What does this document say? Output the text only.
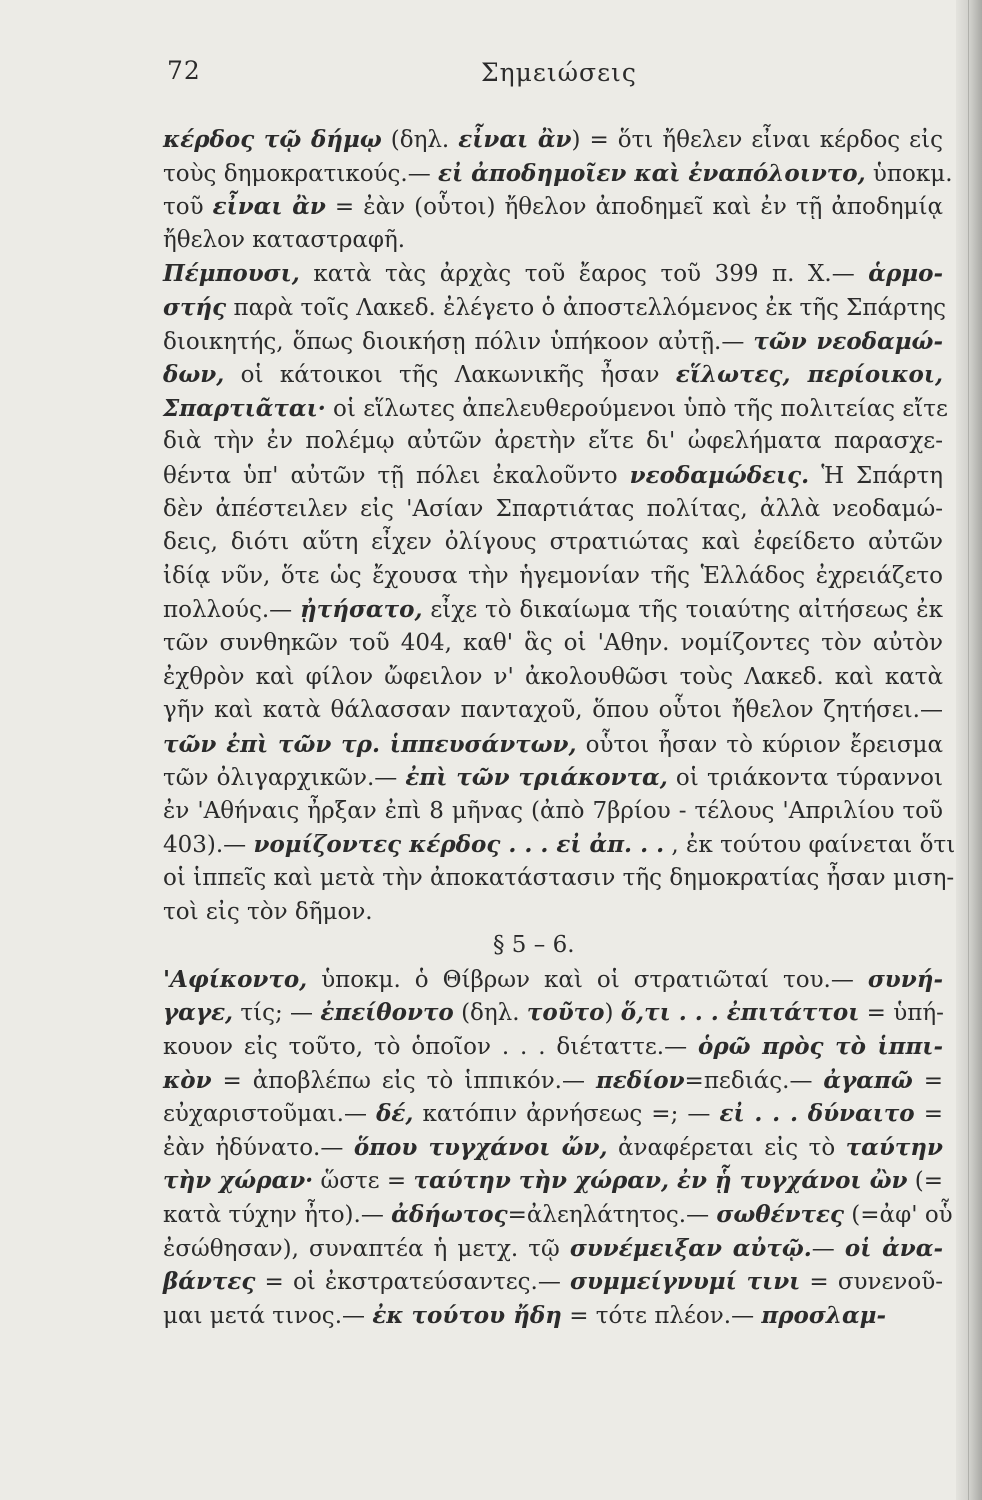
72	Σημειώσεις
κέρδος τῷ δήμῳ (δηλ. εἶναι ἂν) = ὅτι ἤθελεν εἶναι κέρδος εἰς
τοὺς δημοκρατικούς.— εἰ ἀποδημοῖεν καὶ ἐναπόλοιντο, ὑποκμ.
τοῦ εἶναι ἂν = ἐὰν (οὗτοι) ἤθελον ἀποδημεῖ καὶ ἐν τῇ ἀποδημίᾳ
ἤθελον καταστραφῆ.
Πέμπουσι, κατὰ τὰς ἀρχὰς τοῦ ἔαρος τοῦ 399 π. Χ.— ἁρμο-
στής παρὰ τοῖς Λακεδ. ἐλέγετο ὁ ἀποστελλόμενος ἐκ τῆς Σπάρτης
διοικητής, ὅπως διοικήσῃ πόλιν ὑπήκοον αὐτῇ.— τῶν νεοδαμώ-
δων, οἱ κάτοικοι τῆς Λακωνικῆς ἦσαν εἵλωτες, περίοικοι,
Σπαρτιᾶται· οἱ εἵλωτες ἀπελευθερούμενοι ὑπὸ τῆς πολιτείας εἴτε
διὰ τὴν ἐν πολέμῳ αὐτῶν ἀρετὴν εἴτε δι' ὠφελήματα παρασχε-
θέντα ὑπ' αὐτῶν τῇ πόλει ἐκαλοῦντο νεοδαμώδεις. Ἡ Σπάρτη
δὲν ἀπέστειλεν εἰς 'Ασίαν Σπαρτιάτας πολίτας, ἀλλὰ νεοδαμώ-
δεις, διότι αὕτη εἶχεν ὀλίγους στρατιώτας καὶ ἐφείδετο αὐτῶν
ἰδίᾳ νῦν, ὅτε ὡς ἔχουσα τὴν ἡγεμονίαν τῆς Ἑλλάδος ἐχρειάζετο
πολλούς.— ᾐτήσατο, εἶχε τὸ δικαίωμα τῆς τοιαύτης αἰτήσεως ἐκ
τῶν συνθηκῶν τοῦ 404, καθ' ἃς οἱ 'Αθην. νομίζοντες τὸν αὐτὸν
ἐχθρὸν καὶ φίλον ὤφειλον ν' ἀκολουθῶσι τοὺς Λακεδ. καὶ κατὰ
γῆν καὶ κατὰ θάλασσαν πανταχοῦ, ὅπου οὗτοι ἤθελον ζητήσει.—
τῶν ἐπὶ τῶν τρ. ἱππευσάντων, οὗτοι ἦσαν τὸ κύριον ἔρεισμα
τῶν ὀλιγαρχικῶν.— ἐπὶ τῶν τριάκοντα, οἱ τριάκοντα τύραννοι
ἐν 'Αθήναις ἦρξαν ἐπὶ 8 μῆνας (ἀπὸ 7βρίου - τέλους 'Απριλίου τοῦ
403).— νομίζοντες κέρδος . . . εἰ ἀπ. . . , ἐκ τούτου φαίνεται ὅτι
οἱ ἱππεῖς καὶ μετὰ τὴν ἀποκατάστασιν τῆς δημοκρατίας ἦσαν μιση-
τοὶ εἰς τὸν δῆμον.
§ 5 – 6.
'Αφίκοντο, ὑποκμ. ὁ Θίβρων καὶ οἱ στρατιῶταί του.— συνή-
γαγε, τίς; — ἐπείθοντο (δηλ. τοῦτο) ὅ,τι . . . ἐπιτάττοι = ὑπή-
κουον εἰς τοῦτο, τὸ ὁποῖον . . . διέταττε.— ὁρῶ πρὸς τὸ ἱππι-
κὸν = ἀποβλέπω εἰς τὸ ἱππικόν.— πεδίον=πεδιάς.— ἀγαπῶ =
εὐχαριστοῦμαι.— δέ, κατόπιν ἀρνήσεως =; — εἰ . . . δύναιτο =
ἐὰν ἠδύνατο.— ὅπου τυγχάνοι ὤν, ἀναφέρεται εἰς τὸ ταύτην
τὴν χώραν· ὥστε = ταύτην τὴν χώραν, ἐν ᾗ τυγχάνοι ὢν (=
κατὰ τύχην ἦτο).— ἀδήωτος=ἀλεηλάτητος.— σωθέντες (=ἀφ' οὗ
ἐσώθησαν), συναπτέα ἡ μετχ. τῷ συνέμειξαν αὐτῷ.— οἱ ἀνα-
βάντες = οἱ ἐκστρατεύσαντες.— συμμείγνυμί τινι = συνενοῦ-
μαι μετά τινος.— ἐκ τούτου ἤδη = τότε πλέον.— προσλαμ-
